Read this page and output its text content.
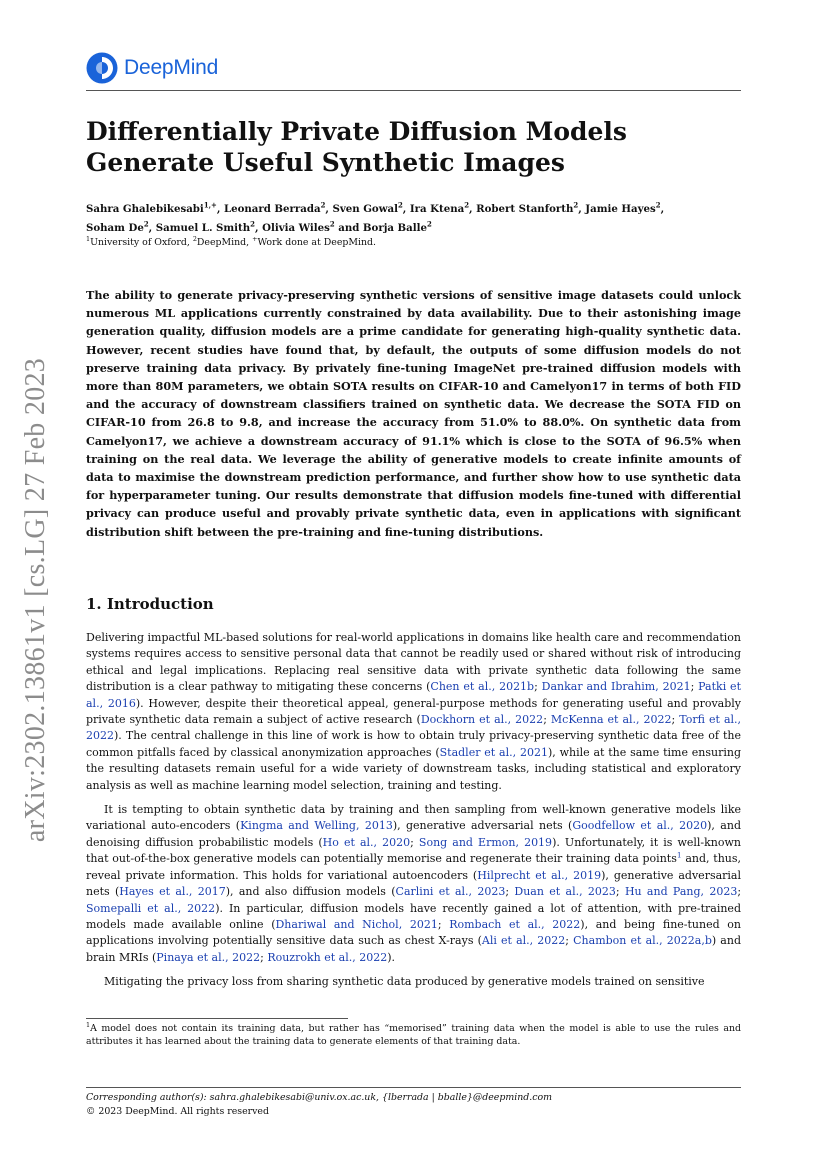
DeepMind
arXiv:2302.13861v1 [cs.LG] 27 Feb 2023
Differentially Private Diffusion Models Generate Useful Synthetic Images
Sahra Ghalebikesabi$^{1,+}$, Leonard Berrada$^2$, Sven Gowal$^2$, Ira Ktena$^2$, Robert Stanforth$^2$, Jamie Hayes$^2$,
Soham De$^2$, Samuel L. Smith$^2$, Olivia Wiles$^2$ and Borja Balle$^2$
$^1$University of Oxford, $^2$DeepMind, +Work done at DeepMind.

The ability to generate privacy-preserving synthetic versions of sensitive image datasets could unlock numerous ML applications currently constrained by data availability. Due to their astonishing image generation quality, diffusion models are a prime candidate for generating high-quality synthetic data. However, recent studies have found that, by default, the outputs of some diffusion models do not preserve training data privacy. By privately fine-tuning ImageNet pre-trained diffusion models with more than 80M parameters, we obtain SOTA results on CIFAR-10 and Camelyon17 in terms of both FID and the accuracy of downstream classifiers trained on synthetic data. We decrease the SOTA FID on CIFAR-10 from 26.8 to 9.8, and increase the accuracy from 51.0% to 88.0%. On synthetic data from Camelyon17, we achieve a downstream accuracy of 91.1% which is close to the SOTA of 96.5% when training on the real data. We leverage the ability of generative models to create infinite amounts of data to maximise the downstream prediction performance, and further show how to use synthetic data for hyperparameter tuning. Our results demonstrate that diffusion models fine-tuned with differential privacy can produce useful and provably private synthetic data, even in applications with significant distribution shift between the pre-training and fine-tuning distributions.

1. Introduction

Delivering impactful ML-based solutions for real-world applications in domains like health care and recommendation systems requires access to sensitive personal data that cannot be readily used or shared without risk of introducing ethical and legal implications. Replacing real sensitive data with private synthetic data following the same distribution is a clear pathway to mitigating these concerns (Chen et al., 2021b; Dankar and Ibrahim, 2021; Patki et al., 2016). However, despite their theoretical appeal, general-purpose methods for generating useful and provably private synthetic data remain a subject of active research (Dockhorn et al., 2022; McKenna et al., 2022; Torfi et al., 2022). The central challenge in this line of work is how to obtain truly privacy-preserving synthetic data free of the common pitfalls faced by classical anonymization approaches (Stadler et al., 2021), while at the same time ensuring the resulting datasets remain useful for a wide variety of downstream tasks, including statistical and exploratory analysis as well as machine learning model selection, training and testing.

It is tempting to obtain synthetic data by training and then sampling from well-known generative models like variational auto-encoders (Kingma and Welling, 2013), generative adversarial nets (Goodfellow et al., 2020), and denoising diffusion probabilistic models (Ho et al., 2020; Song and Ermon, 2019). Unfortunately, it is well-known that out-of-the-box generative models can potentially memorise and regenerate their training data points$^1$ and, thus, reveal private information. This holds for variational autoencoders (Hilprecht et al., 2019), generative adversarial nets (Hayes et al., 2017), and also diffusion models (Carlini et al., 2023; Duan et al., 2023; Hu and Pang, 2023; Somepalli et al., 2022). In particular, diffusion models have recently gained a lot of attention, with pre-trained models made available online (Dhariwal and Nichol, 2021; Rombach et al., 2022), and being fine-tuned on applications involving potentially sensitive data such as chest X-rays (Ali et al., 2022; Chambon et al., 2022a,b) and brain MRIs (Pinaya et al., 2022; Rouzrokh et al., 2022).

Mitigating the privacy loss from sharing synthetic data produced by generative models trained on sensitive

$^1$A model does not contain its training data, but rather has “memorised” training data when the model is able to use the rules and attributes it has learned about the training data to generate elements of that training data.

Corresponding author(s): sahra.ghalebikesabi@univ.ox.ac.uk, {lberrada | bballe}@deepmind.com
© 2023 DeepMind. All rights reserved
